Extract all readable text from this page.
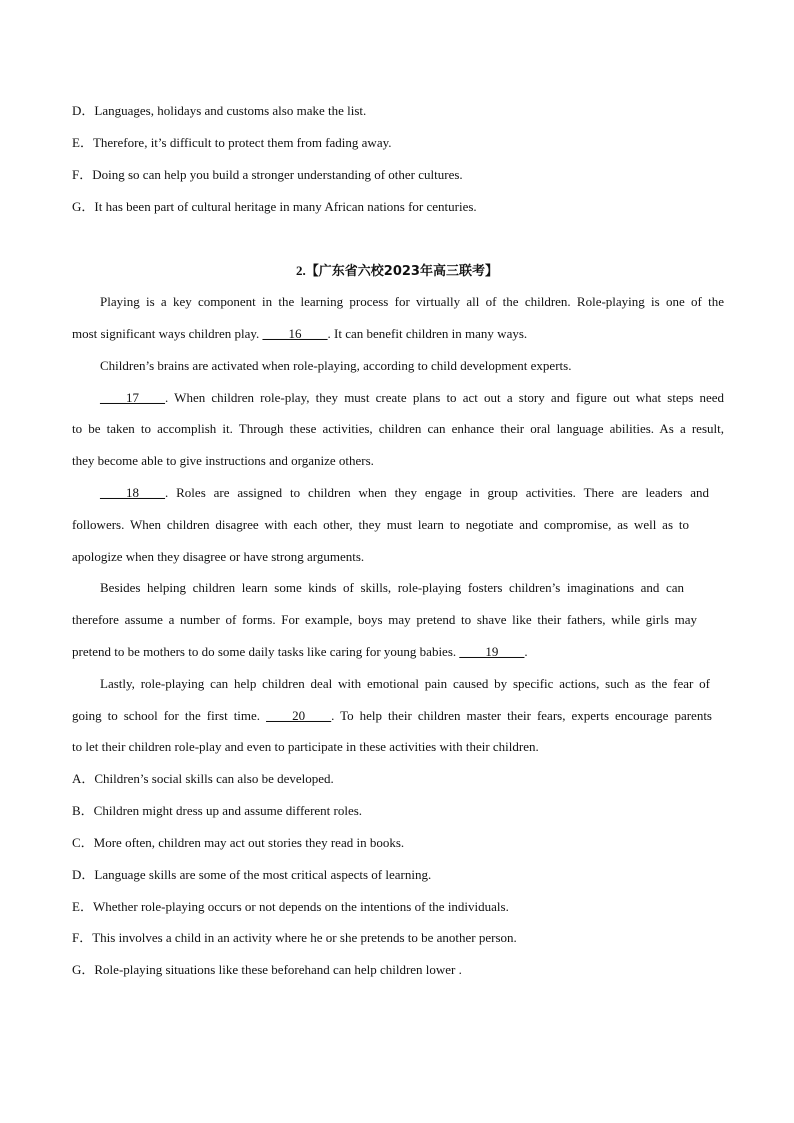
D．Languages, holidays and customs also make the list.
E．Therefore, it’s difficult to protect them from fading away.
F．Doing so can help you build a stronger understanding of other cultures.
G．It has been part of cultural heritage in many African nations for centuries.
2.【广东省六校2023年高三联考】
Playing is a key component in the learning process for virtually all of the children. Role-playing is one of the
most significant ways children play. ____16____. It can benefit children in many ways.
Children’s brains are activated when role-playing, according to child development experts.
____17____. When children role-play, they must create plans to act out a story and figure out what steps need
to be taken to accomplish it. Through these activities, children can enhance their oral language abilities. As a result,
they become able to give instructions and organize others.
____18____. Roles are assigned to children when they engage in group activities. There are leaders and
followers. When children disagree with each other, they must learn to negotiate and compromise, as well as to
apologize when they disagree or have strong arguments.
Besides helping children learn some kinds of skills, role-playing fosters children’s imaginations and can
therefore assume a number of forms. For example, boys may pretend to shave like their fathers, while girls may
pretend to be mothers to do some daily tasks like caring for young babies. ____19____.
Lastly, role-playing can help children deal with emotional pain caused by specific actions, such as the fear of
going to school for the first time. ____20____. To help their children master their fears, experts encourage parents
to let their children role-play and even to participate in these activities with their children.
A．Children’s social skills can also be developed.
B．Children might dress up and assume different roles.
C．More often, children may act out stories they read in books.
D．Language skills are some of the most critical aspects of learning.
E．Whether role-playing occurs or not depends on the intentions of the individuals.
F．This involves a child in an activity where he or she pretends to be another person.
G．Role-playing situations like these beforehand can help children lower .
